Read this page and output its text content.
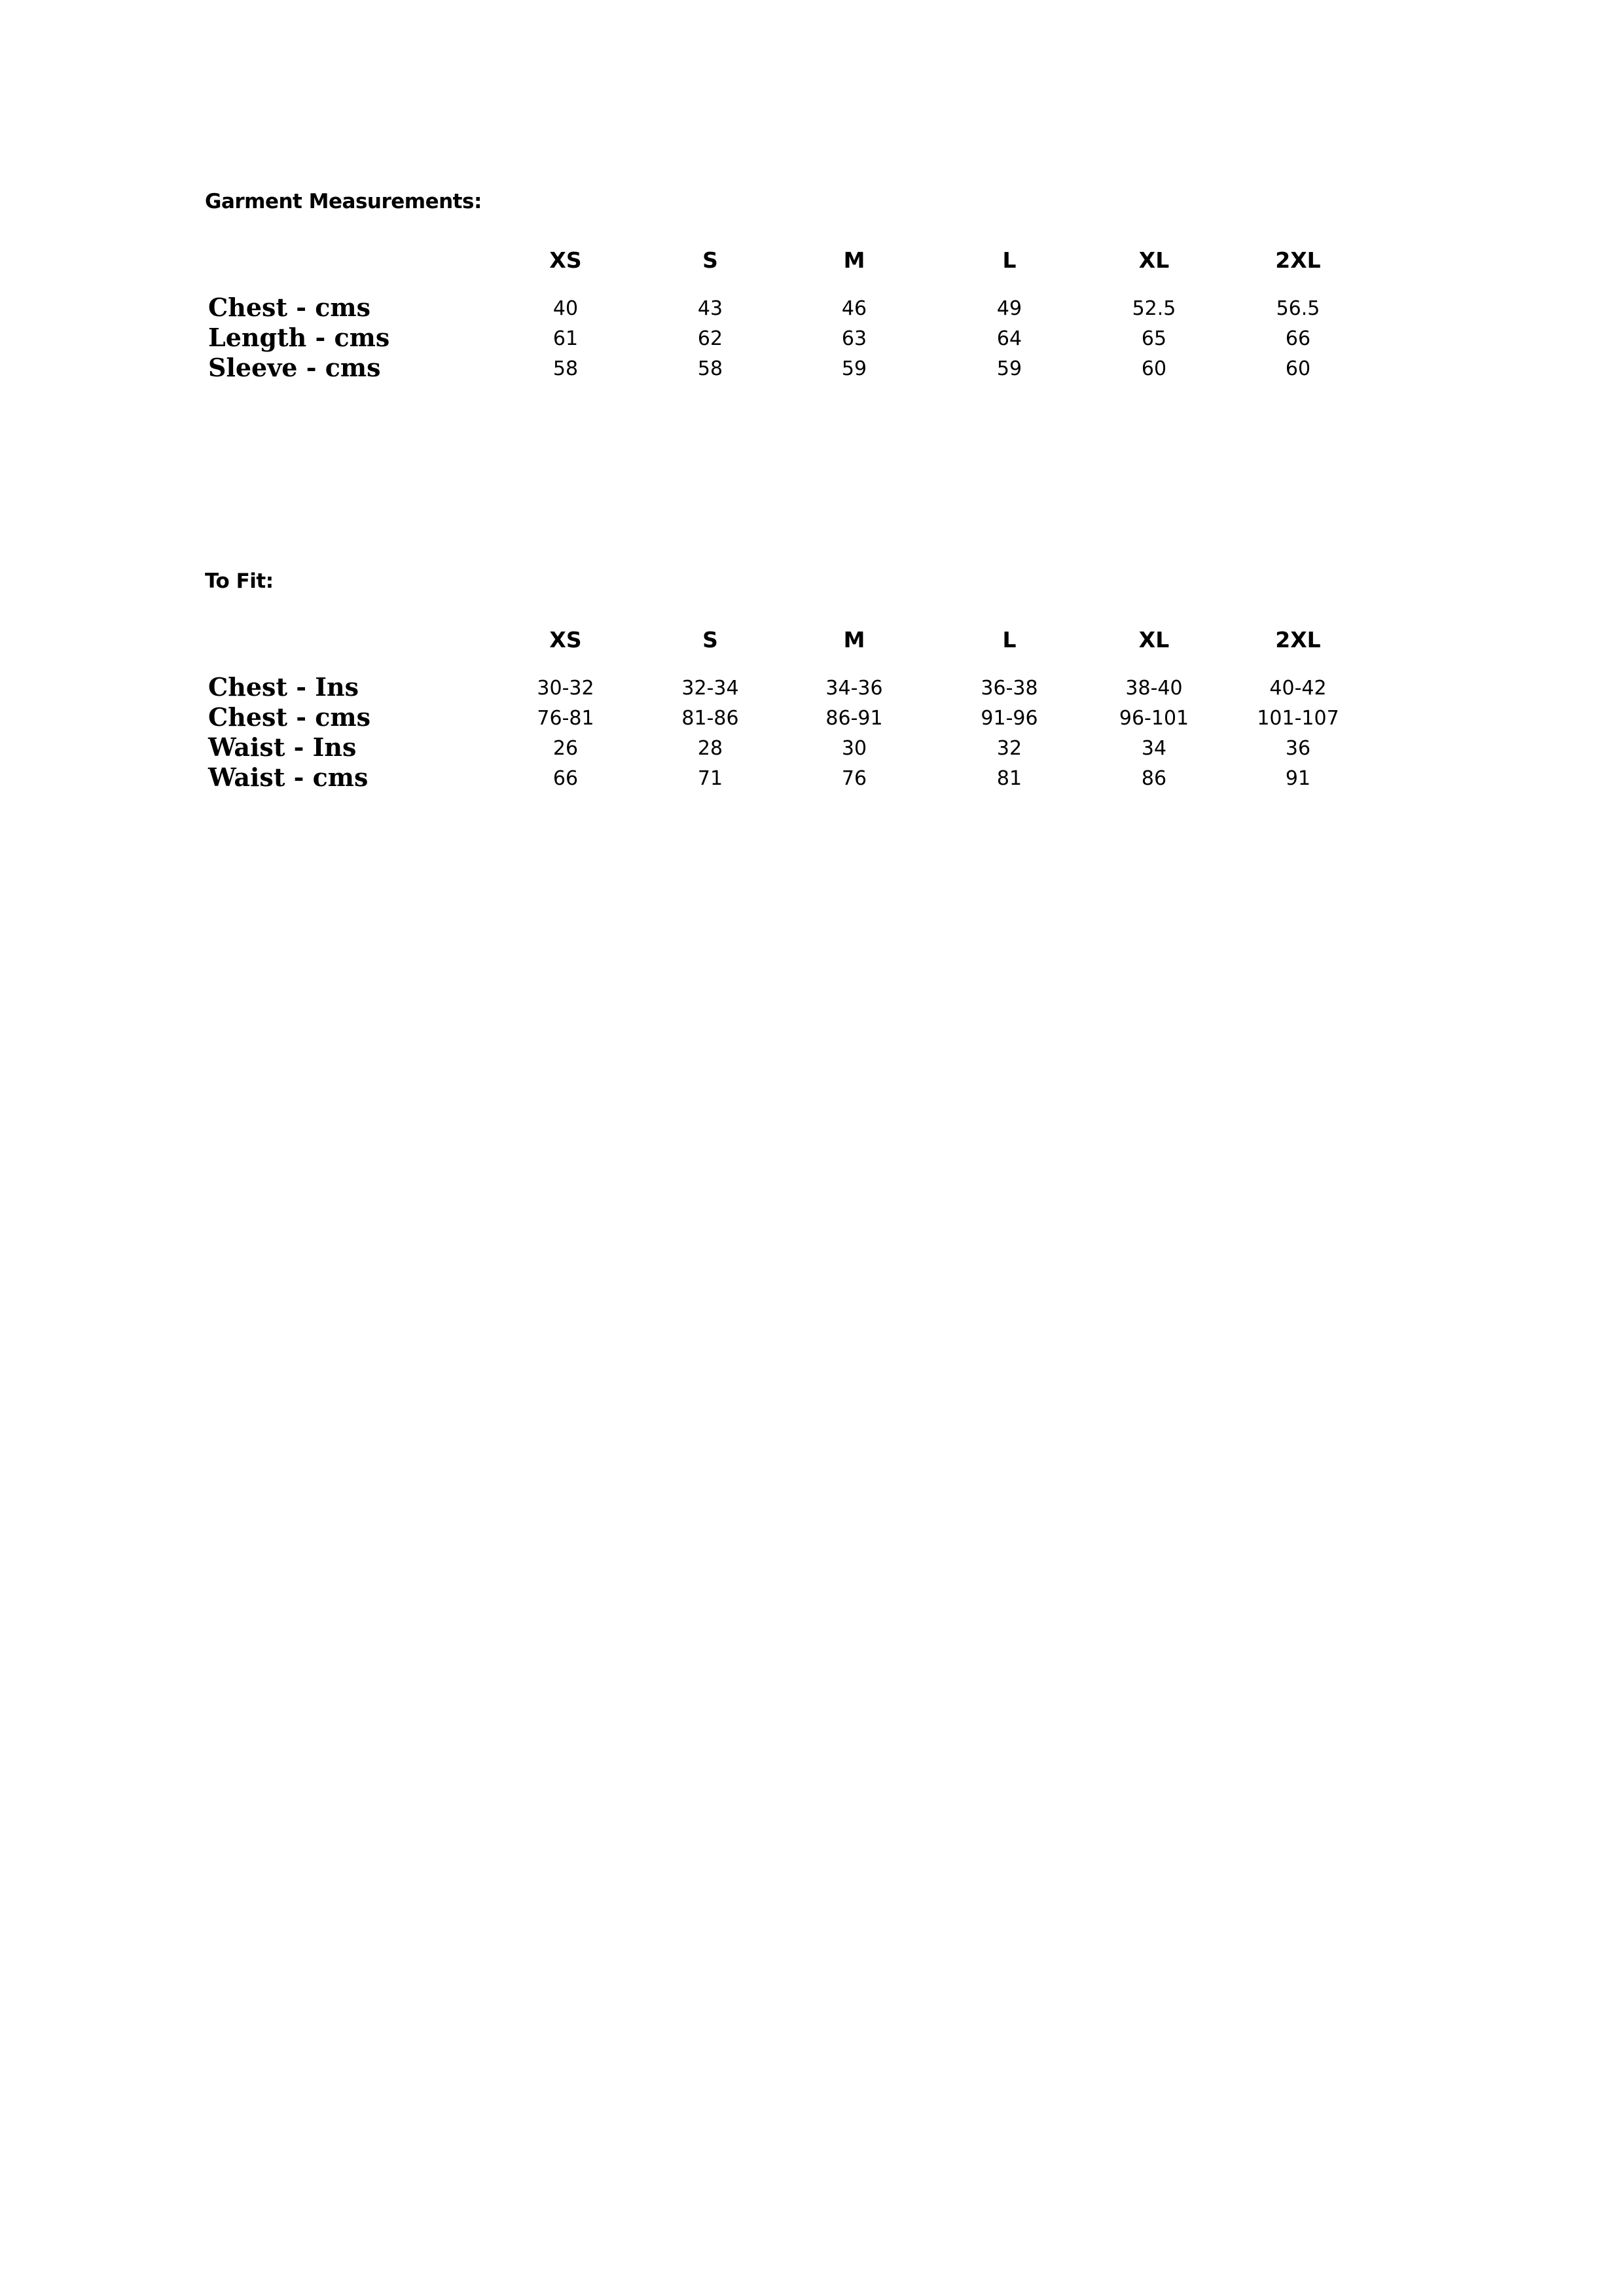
Garment Measurements:
XS	S	M	L	XL	2XL
Chest - cms	40	43	46	49	52.5	56.5
Length - cms	61	62	63	64	65	66
Sleeve - cms	58	58	59	59	60	60
To Fit:
XS	S	M	L	XL	2XL
Chest - Ins	30-32	32-34	34-36	36-38	38-40	40-42
Chest - cms	76-81	81-86	86-91	91-96	96-101	101-107
Waist - Ins	26	28	30	32	34	36
Waist - cms	66	71	76	81	86	91
